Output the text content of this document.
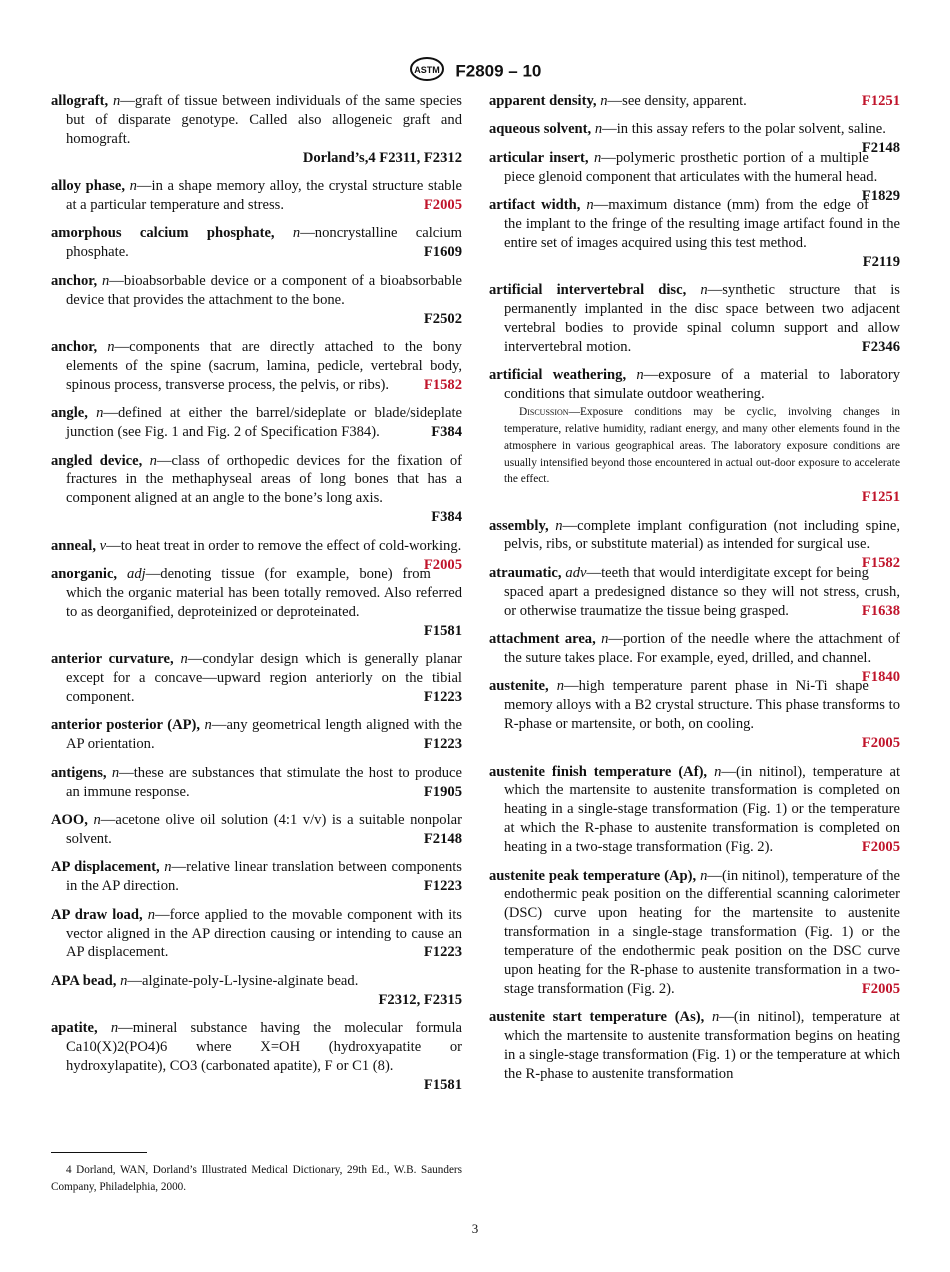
ASTM F2809 – 10
allograft, n—graft of tissue between individuals of the same species but of disparate genotype. Called also allogeneic graft and homograft.
Dorland’s,4 F2311, F2312
alloy phase, n—in a shape memory alloy, the crystal structure stable at a particular temperature and stress.	F2005
amorphous calcium phosphate, n—noncrystalline calcium phosphate.	F1609
anchor, n—bioabsorbable device or a component of a bioabsorbable device that provides the attachment to the bone.
F2502
anchor, n—components that are directly attached to the bony elements of the spine (sacrum, lamina, pedicle, vertebral body, spinous process, transverse process, the pelvis, or ribs). F1582
angle, n—defined at either the barrel/sideplate or blade/sideplate junction (see Fig. 1 and Fig. 2 of Specification F384).	F384
angled device, n—class of orthopedic devices for the fixation of fractures in the methaphyseal areas of long bones that has a component aligned at an angle to the bone’s long axis.
F384
anneal, v—to heat treat in order to remove the effect of cold-working.
F2005
anorganic, adj—denoting tissue (for example, bone) from which the organic material has been totally removed. Also referred to as deorganified, deproteinized or deproteinated.
F1581
anterior curvature, n—condylar design which is generally planar except for a concave—upward region anteriorly on the tibial component.	F1223
anterior posterior (AP), n—any geometrical length aligned with the AP orientation.	F1223
antigens, n—these are substances that stimulate the host to produce an immune response.	F1905
AOO, n—acetone olive oil solution (4:1 v/v) is a suitable nonpolar solvent.	F2148
AP displacement, n—relative linear translation between components in the AP direction.	F1223
AP draw load, n—force applied to the movable component with its vector aligned in the AP direction causing or intending to cause an AP displacement.	F1223
APA bead, n—alginate-poly-L-lysine-alginate bead.
F2312, F2315
apatite, n—mineral substance having the molecular formula Ca10(X)2(PO4)6 where X=OH (hydroxyapatite or hydroxylapatite), CO3 (carbonated apatite), F or C1 (8).
F1581
apparent density, n—see density, apparent.	F1251
aqueous solvent, n—in this assay refers to the polar solvent, saline.
F2148
articular insert, n—polymeric prosthetic portion of a multiple piece glenoid component that articulates with the humeral head.
F1829
artifact width, n—maximum distance (mm) from the edge of the implant to the fringe of the resulting image artifact found in the entire set of images acquired using this test method.
F2119
artificial intervertebral disc, n—synthetic structure that is permanently implanted in the disc space between two adjacent vertebral bodies to provide spinal column support and allow intervertebral motion.	F2346
artificial weathering, n—exposure of a material to laboratory conditions that simulate outdoor weathering.
Discussion—Exposure conditions may be cyclic, involving changes in temperature, relative humidity, radiant energy, and many other elements found in the atmosphere in various geographical areas. The laboratory exposure conditions are usually intensified beyond those encountered in actual out-door exposure to accelerate the effect.
F1251
assembly, n—complete implant configuration (not including spine, pelvis, ribs, or substitute material) as intended for surgical use.
F1582
atraumatic, adv—teeth that would interdigitate except for being spaced apart a predesigned distance so they will not stress, crush, or otherwise traumatize the tissue being grasped.	F1638
attachment area, n—portion of the needle where the attachment of the suture takes place. For example, eyed, drilled, and channel.
F1840
austenite, n—high temperature parent phase in Ni-Ti shape memory alloys with a B2 crystal structure. This phase transforms to R-phase or martensite, or both, on cooling.
F2005
austenite finish temperature (Af), n—(in nitinol), temperature at which the martensite to austenite transformation is completed on heating in a single-stage transformation (Fig. 1) or the temperature at which the R-phase to austenite transformation is completed on heating in a two-stage transformation (Fig. 2).	F2005
austenite peak temperature (Ap), n—(in nitinol), temperature of the endothermic peak position on the differential scanning calorimeter (DSC) curve upon heating for the martensite to austenite transformation in a single-stage transformation (Fig. 1) or the temperature of the endothermic peak position on the DSC curve upon heating for the R-phase to austenite transformation in a two-stage transformation (Fig. 2).	F2005
austenite start temperature (As), n—(in nitinol), temperature at which the martensite to austenite transformation begins on heating in a single-stage transformation (Fig. 1) or the temperature at which the R-phase to austenite transformation
4 Dorland, WAN, Dorland’s Illustrated Medical Dictionary, 29th Ed., W.B. Saunders Company, Philadelphia, 2000.
3
